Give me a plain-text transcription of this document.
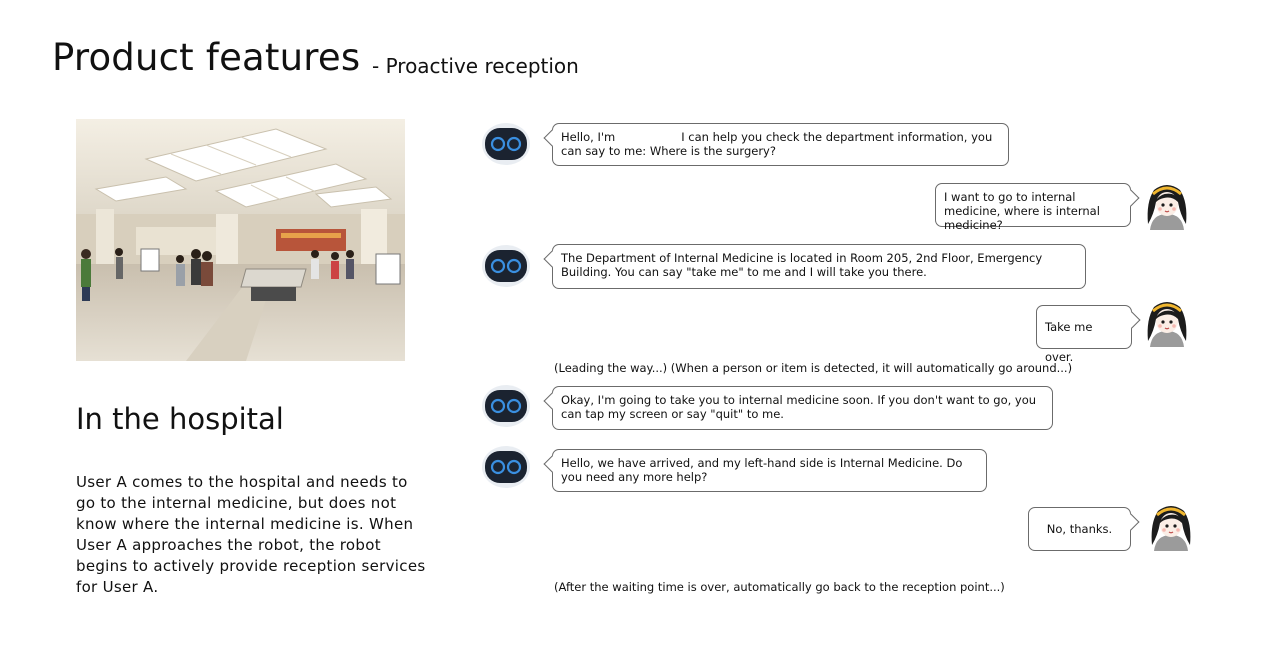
Product features - Proactive reception
In the hospital
User A comes to the hospital and needs to go to the internal medicine, but does not know where the internal medicine is. When User A approaches the robot, the robot begins to actively provide reception services for User A.
Hello, I'm	I can help you check the department information, you can say to me: Where is the surgery?
I want to go to internal medicine, where is internal medicine?
The Department of Internal Medicine is located in Room 205, 2nd Floor, Emergency Building. You can say "take me" to me and I will take you there.
Take me over.
(Leading the way...) (When a person or item is detected, it will automatically go around...)
Okay, I'm going to take you to internal medicine soon. If you don't want to go, you can tap my screen or say "quit" to me.
Hello, we have arrived, and my left-hand side is Internal Medicine. Do you need any more help?
No, thanks.
(After the waiting time is over, automatically go back to the reception point...)
